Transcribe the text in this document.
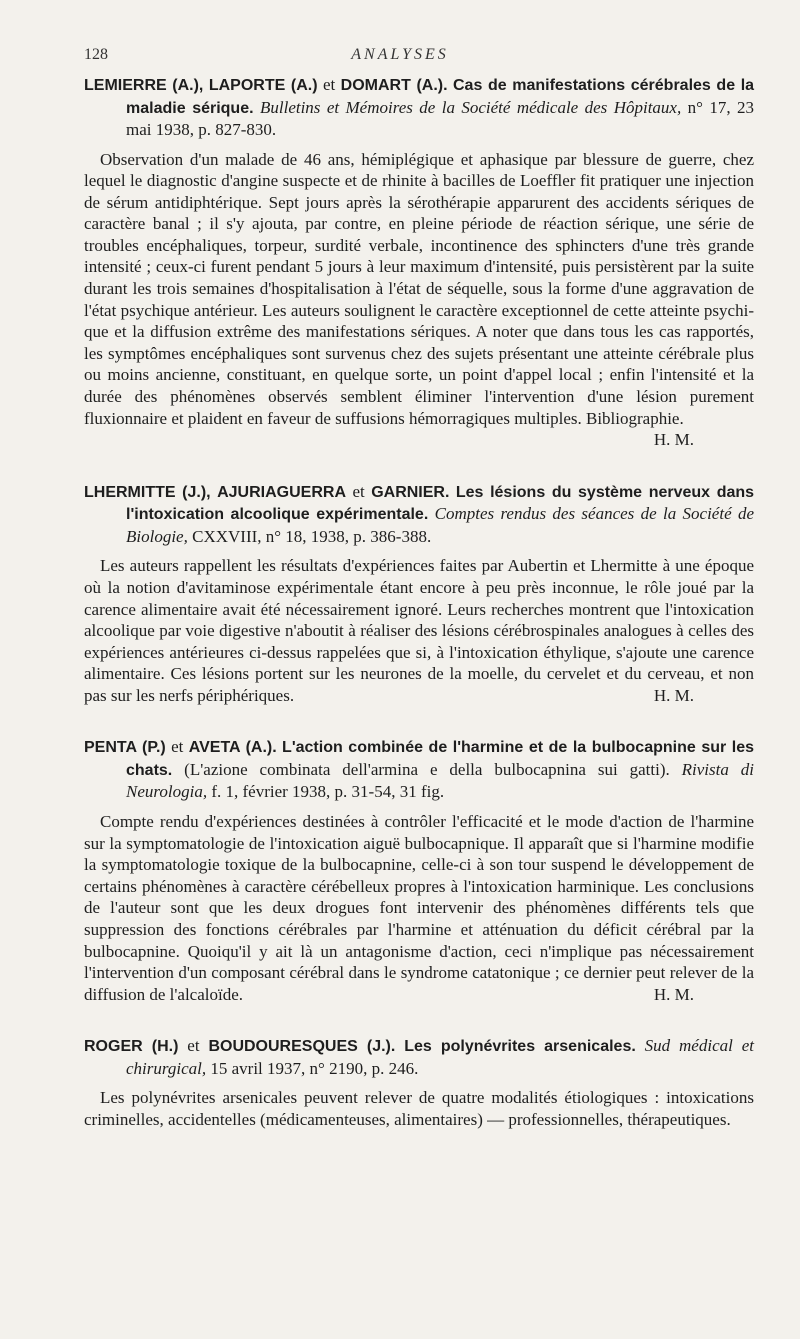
128	ANALYSES

LEMIERRE (A.), LAPORTE (A.) et DOMART (A.). Cas de manifestations cérébrales de la maladie sérique. Bulletins et Mémoires de la Société médicale des Hôpitaux, n° 17, 23 mai 1938, p. 827-830.

Observation d'un malade de 46 ans, hémiplégique et aphasique par blessure de guerre, chez lequel le diagnostic d'angine suspecte et de rhinite à bacilles de Loeffler fit pratiquer une injection de sérum antidiphtérique. Sept jours après la sérothérapie apparurent des accidents sériques de caractère banal ; il s'y ajouta, par contre, en pleine période de réaction sérique, une série de troubles encéphaliques, torpeur, surdité verbale, incontinence des sphincters d'une très grande intensité ; ceux-ci furent pendant 5 jours à leur maximum d'intensité, puis persistèrent par la suite durant les trois semaines d'hospitalisation à l'état de séquelle, sous la forme d'une aggravation de l'état psychique antérieur. Les auteurs soulignent le caractère exceptionnel de cette atteinte psychique et la diffusion extrême des manifestations sériques. A noter que dans tous les cas rapportés, les symptômes encéphaliques sont survenus chez des sujets présentant une atteinte cérébrale plus ou moins ancienne, constituant, en quelque sorte, un point d'appel local ; enfin l'intensité et la durée des phénomènes observés semblent éliminer l'intervention d'une lésion purement fluxionnaire et plaident en faveur de suffusions hémorragiques multiples. Bibliographie.
H. M.

LHERMITTE (J.), AJURIAGUERRA et GARNIER. Les lésions du système nerveux dans l'intoxication alcoolique expérimentale. Comptes rendus des séances de la Société de Biologie, CXXVIII, n° 18, 1938, p. 386-388.

Les auteurs rappellent les résultats d'expériences faites par Aubertin et Lhermitte à une époque où la notion d'avitaminose expérimentale étant encore à peu près inconnue, le rôle joué par la carence alimentaire avait été nécessairement ignoré. Leurs recherches montrent que l'intoxication alcoolique par voie digestive n'aboutit à réaliser des lésions cérébrospinales analogues à celles des expériences antérieures ci-dessus rappelées que si, à l'intoxication éthylique, s'ajoute une carence alimentaire. Ces lésions portent sur les neurones de la moelle, du cervelet et du cerveau, et non pas sur les nerfs périphériques.	H. M.

PENTA (P.) et AVETA (A.). L'action combinée de l'harmine et de la bulbocapnine sur les chats. (L'azione combinata dell'armina e della bulbocapnina sui gatti). Rivista di Neurologia, f. 1, février 1938, p. 31-54, 31 fig.

Compte rendu d'expériences destinées à contrôler l'efficacité et le mode d'action de l'harmine sur la symptomatologie de l'intoxication aiguë bulbocapnique. Il apparaît que si l'harmine modifie la symptomatologie toxique de la bulbocapnine, celle-ci à son tour suspend le développement de certains phénomènes à caractère cérébelleux propres à l'intoxication harminique. Les conclusions de l'auteur sont que les deux drogues font intervenir des phénomènes différents tels que suppression des fonctions cérébrales par l'harmine et atténuation du déficit cérébral par la bulbocapnine. Quoiqu'il y ait là un antagonisme d'action, ceci n'implique pas nécessairement l'intervention d'un composant cérébral dans le syndrome catatonique ; ce dernier peut relever de la diffusion de l'alcaloïde.	H. M.

ROGER (H.) et BOUDOURESQUES (J.). Les polynévrites arsenicales. Sud médical et chirurgical, 15 avril 1937, n° 2190, p. 246.

Les polynévrites arsenicales peuvent relever de quatre modalités étiologiques : intoxications criminelles, accidentelles (médicamenteuses, alimentaires) — professionnelles, thérapeutiques.
